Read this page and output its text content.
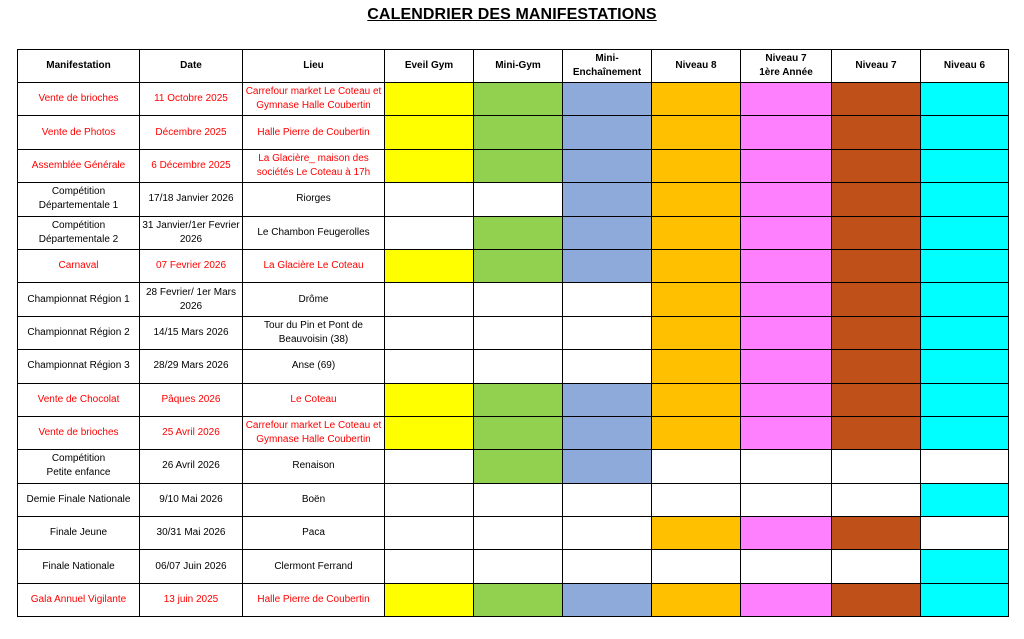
CALENDRIER DES MANIFESTATIONS
Manifestation	Date	Lieu	Eveil Gym	Mini-Gym	Mini-
Enchaînement	Niveau 8	Niveau 7
1ère Année	Niveau 7	Niveau 6
Vente de brioches	11 Octobre 2025	Carrefour market Le Coteau et
Gymnase Halle Coubertin							
Vente de Photos	Décembre 2025	Halle Pierre de Coubertin							
Assemblée Générale	6 Décembre 2025	La Glacière_ maison des
sociétés Le Coteau à 17h							
Compétition
Départementale 1	17/18 Janvier 2026	Riorges							
Compétition
Départementale 2	31 Janvier/1er Fevrier
2026	Le Chambon Feugerolles							
Carnaval	07 Fevrier 2026	La Glacière Le Coteau							
Championnat Région 1	28 Fevrier/ 1er Mars
2026	Drôme							
Championnat Région 2	14/15 Mars 2026	Tour du Pin et Pont de
Beauvoisin (38)							
Championnat Région 3	28/29 Mars 2026	Anse (69)							
Vente de Chocolat	Pâques 2026	Le Coteau							
Vente de brioches	25 Avril 2026	Carrefour market Le Coteau et
Gymnase Halle Coubertin							
Compétition
Petite enfance	26 Avril 2026	Renaison							
Demie Finale Nationale	9/10 Mai 2026	Boën							
Finale Jeune	30/31 Mai 2026	Paca							
Finale Nationale	06/07 Juin 2026	Clermont Ferrand							
Gala Annuel Vigilante	13 juin 2025	Halle Pierre de Coubertin							
